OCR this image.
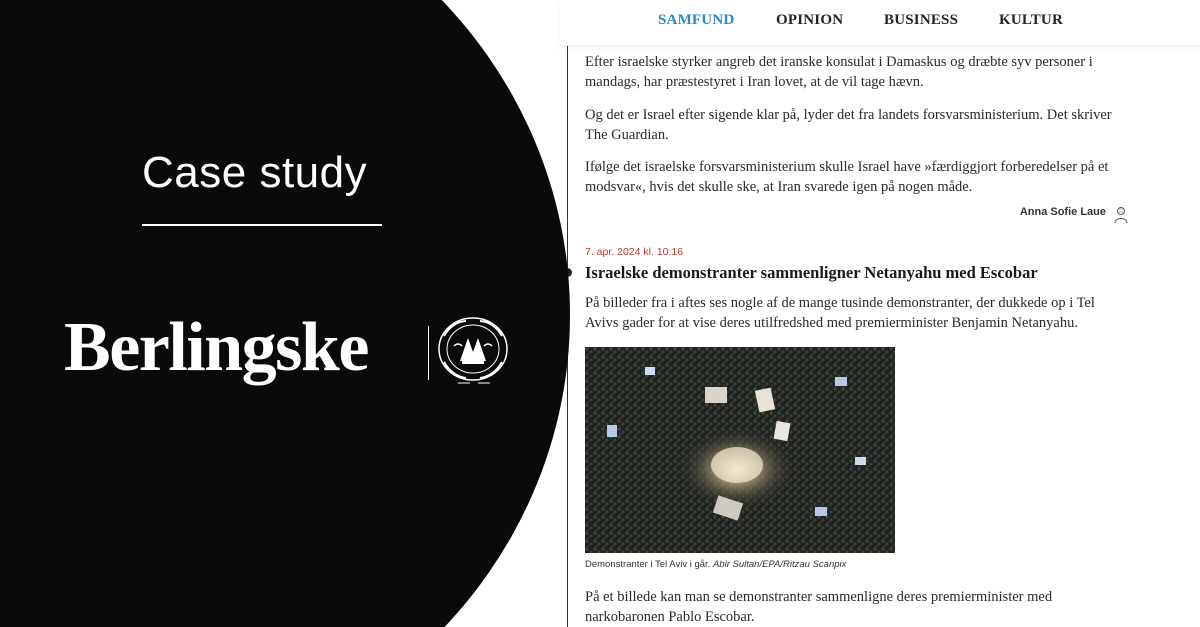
SAMFUND	OPINION	BUSINESS	KULTUR

Efter israelske styrker angreb det iranske konsulat i Damaskus og dræbte syv personer i mandags, har præstestyret i Iran lovet, at de vil tage hævn.

Og det er Israel efter sigende klar på, lyder det fra landets forsvarsministerium. Det skriver The Guardian.

Ifølge det israelske forsvarsministerium skulle Israel have »færdiggjort forberedelser på et modsvar«, hvis det skulle ske, at Iran svarede igen på nogen måde.

Anna Sofie Laue
7. apr. 2024 kl. 10:16
Israelske demonstranter sammenligner Netanyahu med Escobar

På billeder fra i aftes ses nogle af de mange tusinde demonstranter, der dukkede op i Tel Avivs gader for at vise deres utilfredshed med premierminister Benjamin Netanyahu.

Demonstranter i Tel Aviv i går. Abir Sultan/EPA/Ritzau Scanpix

På et billede kan man se demonstranter sammenligne deres premierminister med narkobaronen Pablo Escobar.

Case study
Berlingske
